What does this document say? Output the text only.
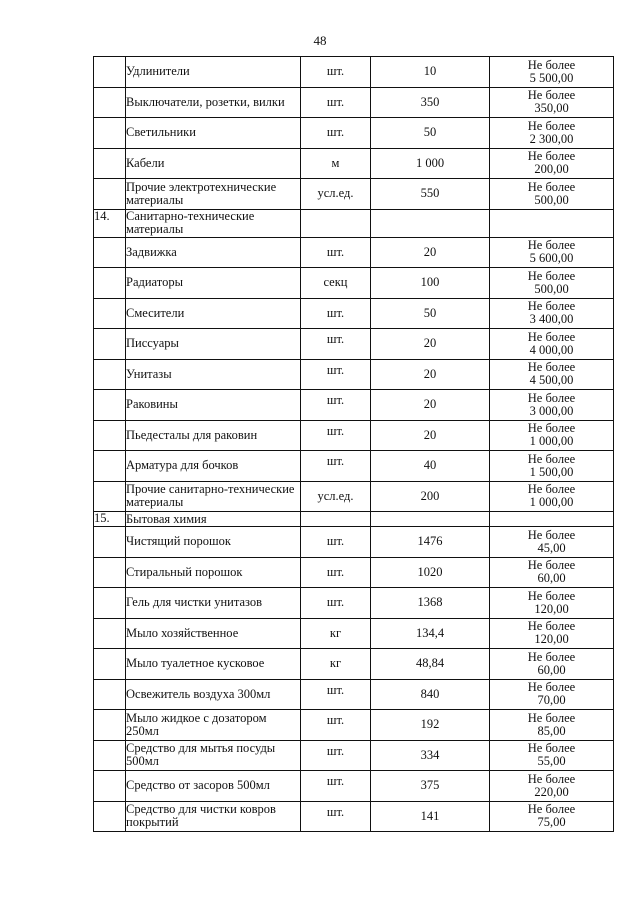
48
	Удлинители	шт.	10	Не более
5 500,00

	Выключатели, розетки, вилки	шт.	350	Не более
350,00

	Светильники	шт.	50	Не более
2 300,00

	Кабели	м	1 000	Не более
200,00

	Прочие электротехнические материалы	усл.ед.	550	Не более
500,00

14.	Санитарно-технические материалы			

	Задвижка	шт.	20	Не более
5 600,00

	Радиаторы	секц	100	Не более
500,00

	Смесители	шт.	50	Не более
3 400,00

	Писсуары	шт.	20	Не более
4 000,00

	Унитазы	шт.	20	Не более
4 500,00

	Раковины	шт.	20	Не более
3 000,00

	Пьедесталы для раковин	шт.	20	Не более
1 000,00

	Арматура для бочков	шт.	40	Не более
1 500,00

	Прочие санитарно-технические материалы	усл.ед.	200	Не более
1 000,00

15.	Бытовая химия			

	Чистящий порошок	шт.	1476	Не более
45,00

	Стиральный порошок	шт.	1020	Не более
60,00

	Гель для чистки унитазов	шт.	1368	Не более
120,00

	Мыло хозяйственное	кг	134,4	Не более
120,00

	Мыло туалетное кусковое	кг	48,84	Не более
60,00

	Освежитель воздуха 300мл	шт.	840	Не более
70,00

	Мыло жидкое с дозатором 250мл	шт.	192	Не более
85,00

	Средство для мытья посуды 500мл	шт.	334	Не более
55,00

	Средство от засоров 500мл	шт.	375	Не более
220,00

	Средство для чистки ковров покрытий	шт.	141	Не более
75,00
